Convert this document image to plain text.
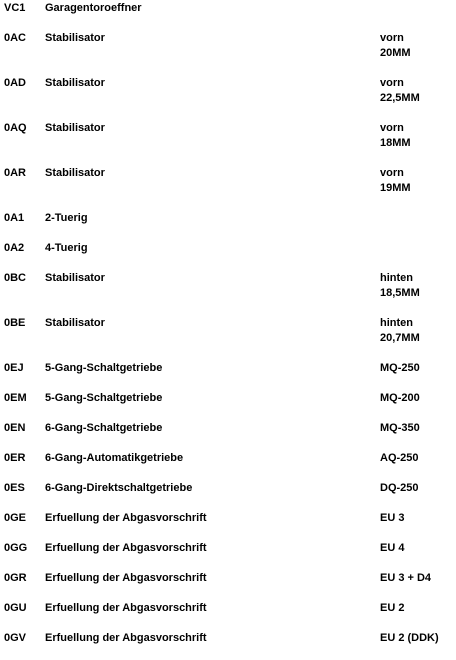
VC1 Garagentoroeffner
0AC Stabilisator	vorn
20MM
0AD Stabilisator	vorn
22,5MM
0AQ Stabilisator	vorn
18MM
0AR Stabilisator	vorn
19MM
0A1 2-Tuerig
0A2 4-Tuerig
0BC Stabilisator	hinten
18,5MM
0BE Stabilisator	hinten
20,7MM
0EJ 5-Gang-Schaltgetriebe	MQ-250
0EM 5-Gang-Schaltgetriebe	MQ-200
0EN 6-Gang-Schaltgetriebe	MQ-350
0ER 6-Gang-Automatikgetriebe	AQ-250
0ES 6-Gang-Direktschaltgetriebe	DQ-250
0GE Erfuellung der Abgasvorschrift	EU 3
0GG Erfuellung der Abgasvorschrift	EU 4
0GR Erfuellung der Abgasvorschrift	EU 3 + D4
0GU Erfuellung der Abgasvorschrift	EU 2
0GV Erfuellung der Abgasvorschrift	EU 2 (DDK)
